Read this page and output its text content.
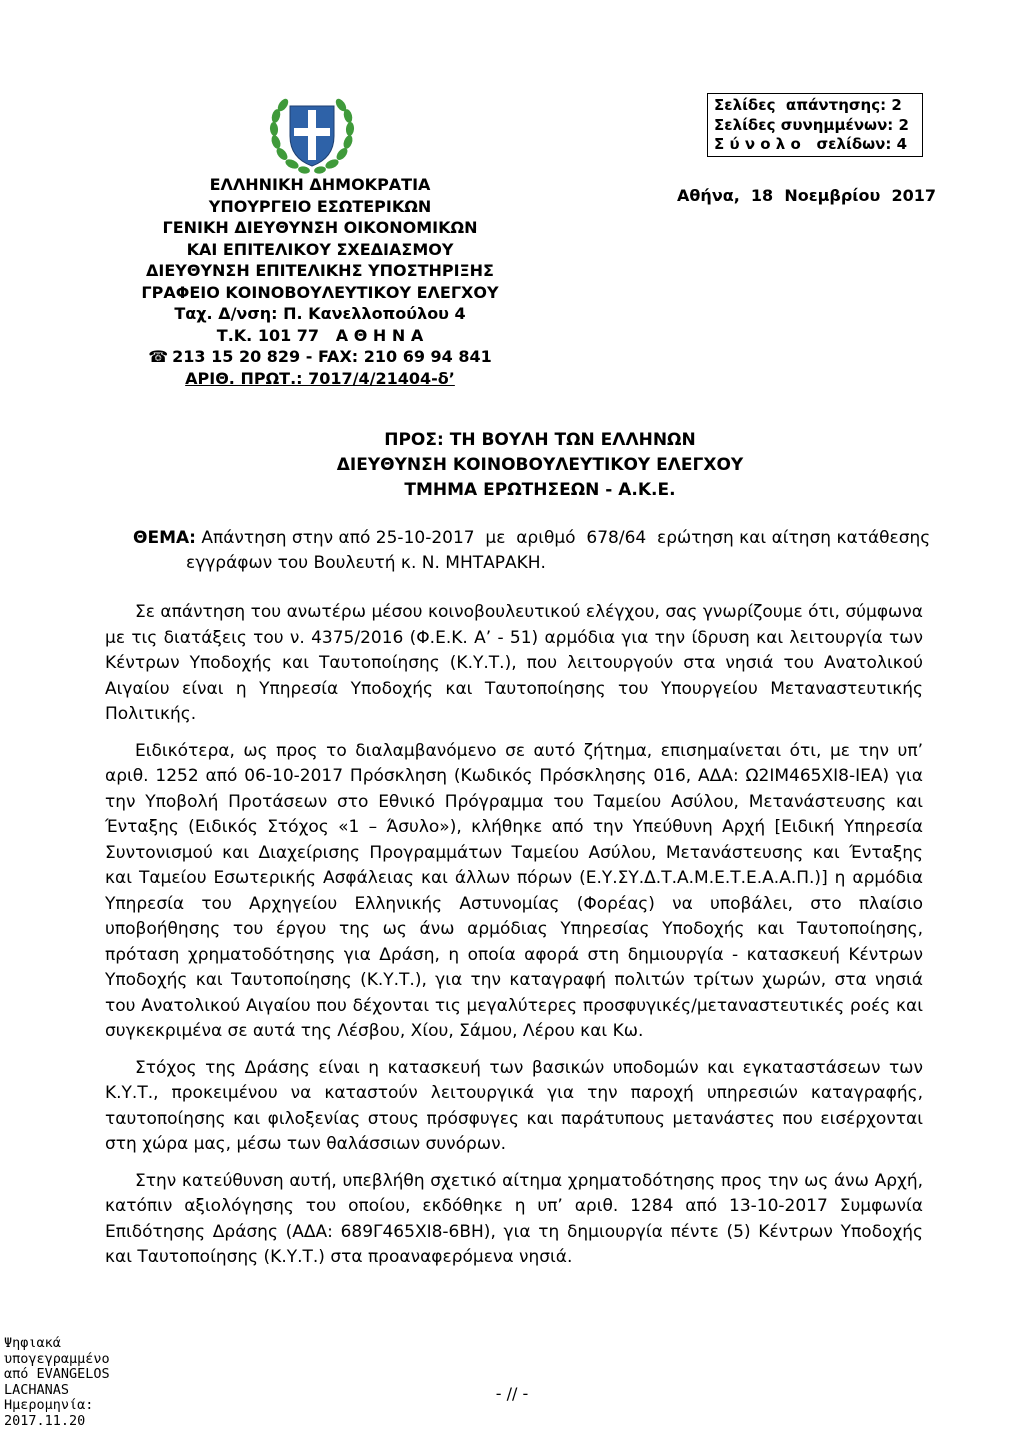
ΕΛΛΗΝΙΚΗ ΔΗΜΟΚΡΑΤΙΑ
ΥΠΟΥΡΓΕΙΟ ΕΣΩΤΕΡΙΚΩΝ
ΓΕΝΙΚΗ ΔΙΕΥΘΥΝΣΗ ΟΙΚΟΝΟΜΙΚΩΝ
ΚΑΙ ΕΠΙΤΕΛΙΚΟΥ ΣΧΕΔΙΑΣΜΟΥ
ΔΙΕΥΘΥΝΣΗ ΕΠΙΤΕΛΙΚΗΣ ΥΠΟΣΤΗΡΙΞΗΣ
ΓΡΑΦΕΙΟ ΚΟΙΝΟΒΟΥΛΕΥΤΙΚΟΥ ΕΛΕΓΧΟΥ
Ταχ. Δ/νση: Π. Κανελλοπούλου 4
Τ.Κ. 101 77   Α Θ Η Ν Α
☎ 213 15 20 829 - FAX: 210 69 94 841
ΑΡΙΘ. ΠΡΩΤ.: 7017/4/21404-δ’
Σελίδες  απάντησης: 2
Σελίδες συνημμένων: 2
Σ ύ ν ο λ ο   σελίδων: 4
Αθήνα,  18  Νοεμβρίου  2017
ΠΡΟΣ: ΤΗ ΒΟΥΛΗ ΤΩΝ ΕΛΛΗΝΩΝ
ΔΙΕΥΘΥΝΣΗ ΚΟΙΝΟΒΟΥΛΕΥΤΙΚΟΥ ΕΛΕΓΧΟΥ
ΤΜΗΜΑ ΕΡΩΤΗΣΕΩΝ - Α.Κ.Ε.
ΘΕΜΑ: Απάντηση στην από 25-10-2017  με  αριθμό  678/64  ερώτηση και αίτηση κατάθεσης
εγγράφων του Βουλευτή κ. Ν. ΜΗΤΑΡΑΚΗ.

Σε απάντηση του ανωτέρω μέσου κοινοβουλευτικού ελέγχου, σας γνωρίζουμε ότι, σύμφωνα με τις διατάξεις του ν. 4375/2016 (Φ.Ε.Κ. Α’ - 51) αρμόδια για την ίδρυση και λειτουργία των Κέντρων Υποδοχής και Ταυτοποίησης (Κ.Υ.Τ.), που λειτουργούν στα νησιά του Ανατολικού Αιγαίου είναι η Υπηρεσία Υποδοχής και Ταυτοποίησης του Υπουργείου Μεταναστευτικής Πολιτικής.

Ειδικότερα, ως προς το διαλαμβανόμενο σε αυτό ζήτημα, επισημαίνεται ότι, με την υπ’ αριθ. 1252 από 06-10-2017 Πρόσκληση (Κωδικός Πρόσκλησης 016, ΑΔΑ: Ω2ΙΜ465ΧΙ8-ΙΕΑ) για την Υποβολή Προτάσεων στο Εθνικό Πρόγραμμα του Ταμείου Ασύλου, Μετανάστευσης και Ένταξης (Ειδικός Στόχος «1 – Άσυλο»), κλήθηκε από την Υπεύθυνη Αρχή [Ειδική Υπηρεσία Συντονισμού και Διαχείρισης Προγραμμάτων Ταμείου Ασύλου, Μετανάστευσης και Ένταξης και Ταμείου Εσωτερικής Ασφάλειας και άλλων πόρων (Ε.Υ.ΣΥ.Δ.Τ.Α.Μ.Ε.Τ.Ε.Α.Α.Π.)] η αρμόδια Υπηρεσία του Αρχηγείου Ελληνικής Αστυνομίας (Φορέας) να υποβάλει, στο πλαίσιο υποβοήθησης του έργου της ως άνω αρμόδιας Υπηρεσίας Υποδοχής και Ταυτοποίησης, πρόταση χρηματοδότησης για Δράση, η οποία αφορά στη δημιουργία - κατασκευή Κέντρων Υποδοχής και Ταυτοποίησης (Κ.Υ.Τ.), για την καταγραφή πολιτών τρίτων χωρών, στα νησιά του Ανατολικού Αιγαίου που δέχονται τις μεγαλύτερες προσφυγικές/μεταναστευτικές ροές και συγκεκριμένα σε αυτά της Λέσβου, Χίου, Σάμου, Λέρου και Κω.

Στόχος της Δράσης είναι η κατασκευή των βασικών υποδομών και εγκαταστάσεων των Κ.Υ.Τ., προκειμένου να καταστούν λειτουργικά για την παροχή υπηρεσιών καταγραφής, ταυτοποίησης και φιλοξενίας στους πρόσφυγες και παράτυπους μετανάστες που εισέρχονται στη χώρα μας, μέσω των θαλάσσιων συνόρων.

Στην κατεύθυνση αυτή, υπεβλήθη σχετικό αίτημα χρηματοδότησης προς την ως άνω Αρχή, κατόπιν αξιολόγησης του οποίου, εκδόθηκε η υπ’ αριθ. 1284 από 13-10-2017 Συμφωνία Επιδότησης Δράσης (ΑΔΑ: 689Γ465ΧΙ8-6ΒΗ), για τη δημιουργία πέντε (5) Κέντρων Υποδοχής και Ταυτοποίησης (Κ.Υ.Τ.) στα προαναφερόμενα νησιά.

Ψηφιακά
υπογεγραμμένο
από EVANGELOS
LACHANAS
Ημερομηνία:
2017.11.20
- // -
